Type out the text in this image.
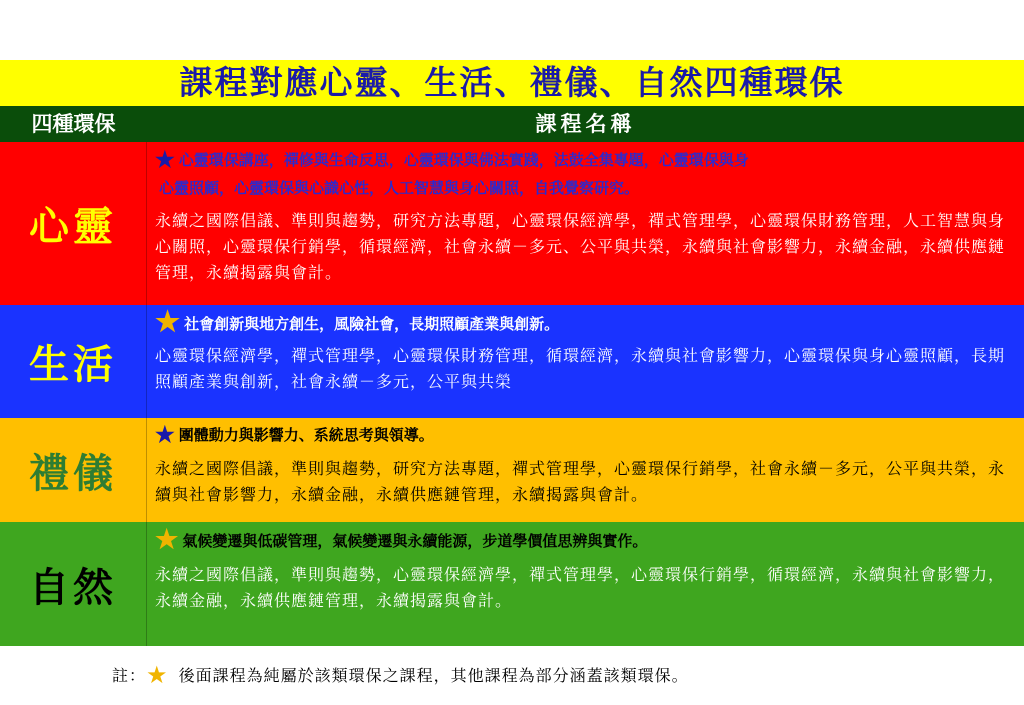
課程對應心靈、生活、禮儀、自然四種環保
四種環保	課程名稱
心靈
★ 心靈環保講座，禪修與生命反思，心靈環保與佛法實踐，法鼓全集專題，心靈環保與身
心靈照顧，心靈環保與心識心性，人工智慧與身心關照，自我覺察研究。
永續之國際倡議、準則與趨勢，研究方法專題，心靈環保經濟學，禪式管理學，心靈環保財務管理，人工智慧與身心關照，心靈環保行銷學，循環經濟，社會永續－多元、公平與共榮，永續與社會影響力，永續金融，永續供應鏈管理，永續揭露與會計。
生活
★ 社會創新與地方創生，風險社會，長期照顧產業與創新。
心靈環保經濟學，禪式管理學，心靈環保財務管理，循環經濟，永續與社會影響力，心靈環保與身心靈照顧，長期照顧產業與創新，社會永續－多元，公平與共榮
禮儀
★ 團體動力與影響力、系統思考與領導。
永續之國際倡議，準則與趨勢，研究方法專題，禪式管理學，心靈環保行銷學，社會永續－多元，公平與共榮，永續與社會影響力，永續金融，永續供應鏈管理，永續揭露與會計。
自然
★ 氣候變遷與低碳管理，氣候變遷與永續能源，步道學價值思辨與實作。
永續之國際倡議，準則與趨勢，心靈環保經濟學，禪式管理學，心靈環保行銷學，循環經濟，永續與社會影響力，永續金融，永續供應鏈管理，永續揭露與會計。
註：★ 後面課程為純屬於該類環保之課程，其他課程為部分涵蓋該類環保。
